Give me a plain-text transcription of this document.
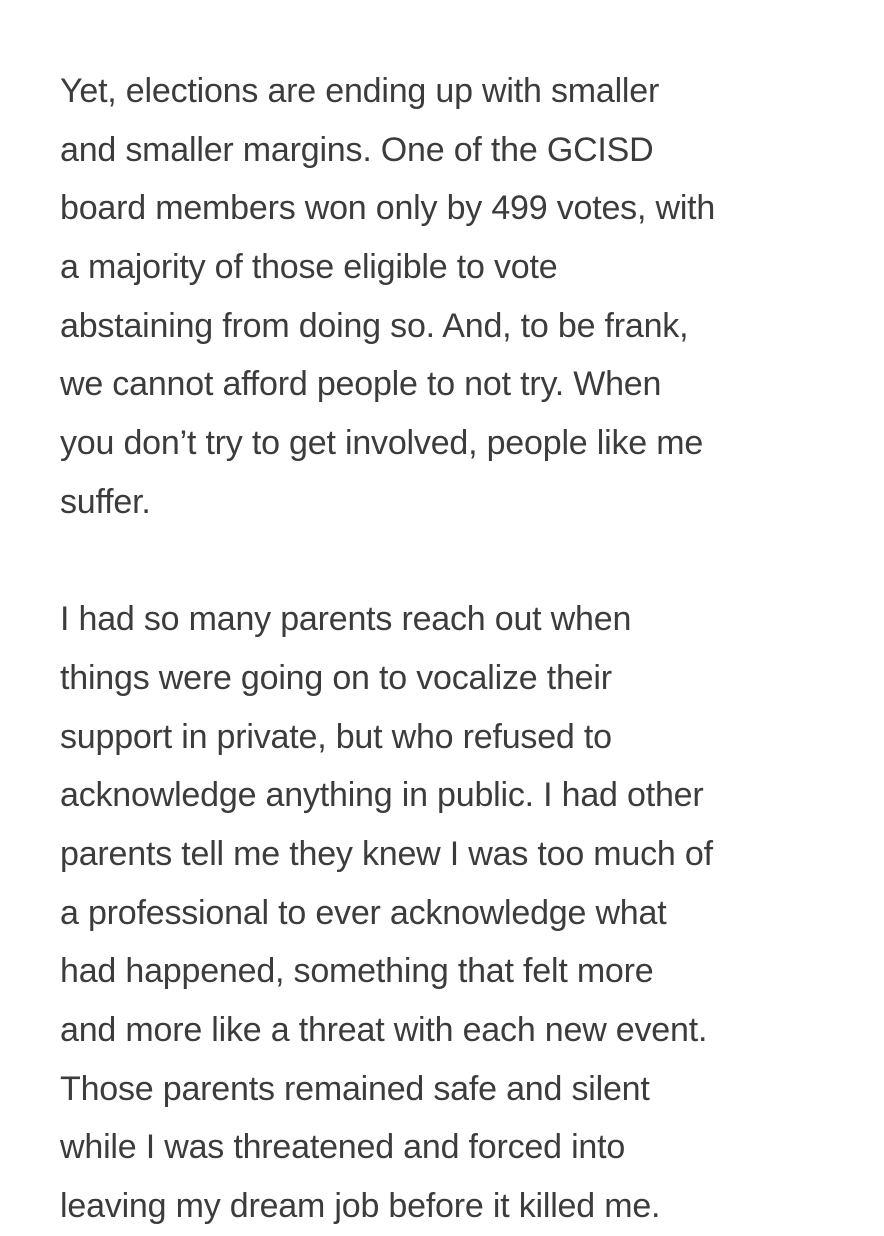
Yet, elections are ending up with smaller
and smaller margins. One of the GCISD
board members won only by 499 votes, with
a majority of those eligible to vote
abstaining from doing so. And, to be frank,
we cannot afford people to not try. When
you don’t try to get involved, people like me
suffer.
I had so many parents reach out when
things were going on to vocalize their
support in private, but who refused to
acknowledge anything in public. I had other
parents tell me they knew I was too much of
a professional to ever acknowledge what
had happened, something that felt more
and more like a threat with each new event.
Those parents remained safe and silent
while I was threatened and forced into
leaving my dream job before it killed me.
